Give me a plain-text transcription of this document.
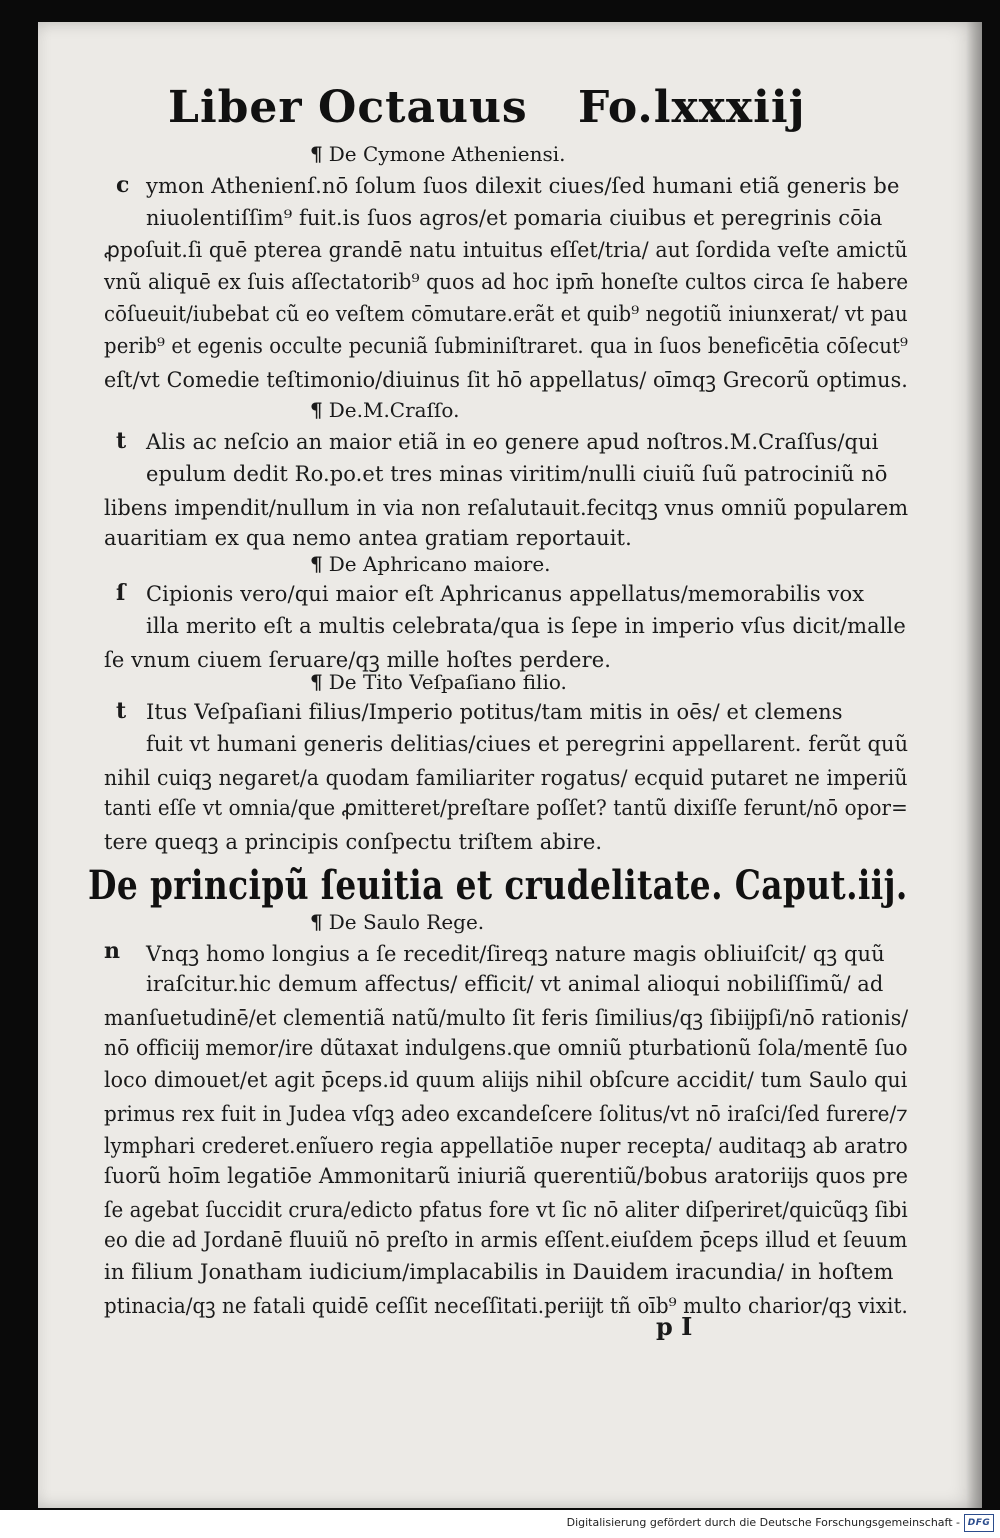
Liber Octauus Fo.lxxxiij
¶ De Cymone Atheniensi.
c ymon Athenienſ.nō ſolum ſuos dilexit ciues/ſed humani etiã generis be
niuolentiſſim⁹ fuit.is ſuos agros/et pomaria ciuibus et peregrinis cōia
ꝓpoſuit.ſi quē pterea grandē natu intuitus eſſet/tria/ aut ſordida veſte amictũ
vnũ aliquē ex ſuis aſſectatorib⁹ quos ad hoc ipm̄ honeſte cultos circa ſe habere
cōſueuit/iubebat cũ eo veſtem cōmutare.erãt et quib⁹ negotiũ iniunxerat/ vt pau
perib⁹ et egenis occulte pecuniã ſubminiſtraret. qua in ſuos beneficētia cōſecut⁹
eſt/vt Comedie teſtimonio/diuinus ſit hō appellatus/ oīmqꝫ Grecorũ optimus.
¶ De.M.Craſſo.
t Alis ac neſcio an maior etiã in eo genere apud noſtros.M.Craſſus/qui
epulum dedit Ro.po.et tres minas viritim/nulli ciuiũ ſuũ patrociniũ nō
libens impendit/nullum in via non reſalutauit.fecitqꝫ vnus omniũ popularem
auaritiam ex qua nemo antea gratiam reportauit.
¶ De Aphricano maiore.
ſ Cipionis vero/qui maior eſt Aphricanus appellatus/memorabilis vox
illa merito eſt a multis celebrata/qua is ſepe in imperio vſus dicit/malle
ſe vnum ciuem ſeruare/qꝫ mille hoſtes perdere.
¶ De Tito Veſpaſiano filio.
t Itus Veſpaſiani filius/Imperio potitus/tam mitis in oēs/ et clemens
fuit vt humani generis delitias/ciues et peregrini appellarent. ferũt quũ
nihil cuiqꝫ negaret/a quodam familiariter rogatus/ ecquid putaret ne imperiũ
tanti eſſe vt omnia/que ꝓmitteret/preſtare poſſet? tantũ dixiſſe ferunt/nō opor=
tere queqꝫ a principis conſpectu triſtem abire.
De principũ ſeuitia et crudelitate. Caput.iij.
¶ De Saulo Rege.
n Vnqꝫ homo longius a ſe recedit/ſireqꝫ nature magis obliuiſcit/ qꝫ quũ
iraſcitur.hic demum affectus/ efficit/ vt animal alioqui nobiliſſimũ/ ad
manſuetudinē/et clementiã natũ/multo ſit feris ſimilius/qꝫ ſibiĳpſi/nō rationis/
nō officiĳ memor/ire dũtaxat indulgens.que omniũ pturbationũ ſola/mentē ſuo
loco dimouet/et agit p̄ceps.id quum aliĳs nihil obſcure accidit/ tum Saulo qui
primus rex fuit in Judea vſqꝫ adeo excandeſcere ſolitus/vt nō iraſci/ſed furere/⁊
lymphari crederet.enĩuero regia appellatiōe nuper recepta/ auditaqꝫ ab aratro
ſuorũ hoīm legatiōe Ammonitarũ iniuriã querentiũ/bobus aratoriĳs quos pre
ſe agebat ſuccidit crura/edicto pfatus fore vt ſic nō aliter diſperiret/quicũqꝫ ſibi
eo die ad Jordanē fluuiũ nō preſto in armis eſſent.eiuſdem p̄ceps illud et ſeuum
in filium Jonatham iudicium/implacabilis in Dauidem iracundia/ in hoſtem
ptinacia/qꝫ ne fatali quidē ceſſit neceſſitati.periĳt tñ oīb⁹ multo charior/qꝫ vixit.
p I
Digitalisierung gefördert durch die Deutsche Forschungsgemeinschaft - DFG
